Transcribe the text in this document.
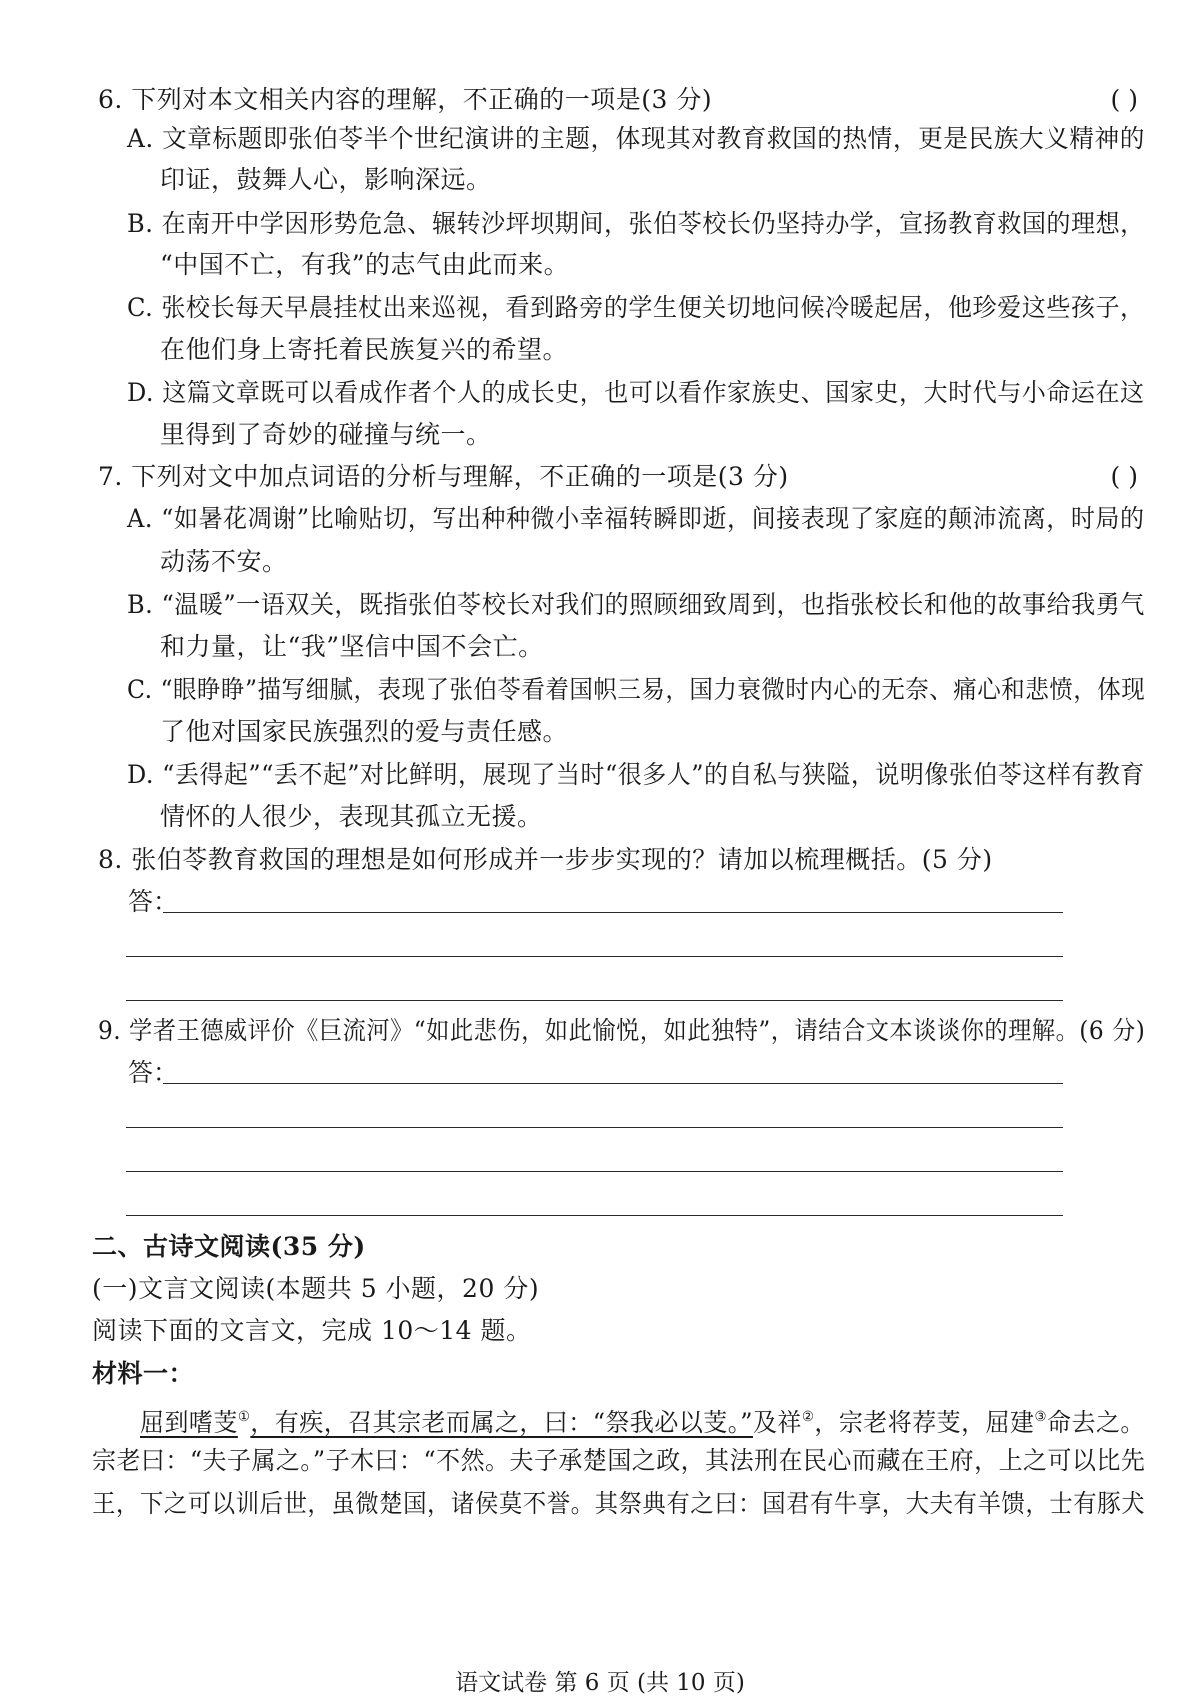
6. 下列对本文相关内容的理解，不正确的一项是(3 分)	( )
A. 文章标题即张伯苓半个世纪演讲的主题，体现其对教育救国的热情，更是民族大义精神的
印证，鼓舞人心，影响深远。
B. 在南开中学因形势危急、辗转沙坪坝期间，张伯苓校长仍坚持办学，宣扬教育救国的理想，
“中国不亡，有我”的志气由此而来。
C. 张校长每天早晨挂杖出来巡视，看到路旁的学生便关切地问候冷暖起居，他珍爱这些孩子，
在他们身上寄托着民族复兴的希望。
D. 这篇文章既可以看成作者个人的成长史，也可以看作家族史、国家史，大时代与小命运在这
里得到了奇妙的碰撞与统一。
7. 下列对文中加点词语的分析与理解，不正确的一项是(3 分)	( )
A. “如暑花凋谢”比喻贴切，写出种种微小幸福转瞬即逝，间接表现了家庭的颠沛流离，时局的
动荡不安。
B. “温暖”一语双关，既指张伯苓校长对我们的照顾细致周到，也指张校长和他的故事给我勇气
和力量，让“我”坚信中国不会亡。
C. “眼睁睁”描写细腻，表现了张伯苓看着国帜三易，国力衰微时内心的无奈、痛心和悲愤，体现
了他对国家民族强烈的爱与责任感。
D. “丢得起”“丢不起”对比鲜明，展现了当时“很多人”的自私与狭隘，说明像张伯苓这样有教育
情怀的人很少，表现其孤立无援。
8. 张伯苓教育救国的理想是如何形成并一步步实现的？请加以梳理概括。(5 分)
答：
9. 学者王德威评价《巨流河》“如此悲伤，如此愉悦，如此独特”，请结合文本谈谈你的理解。(6 分)
答：
二、古诗文阅读(35 分)
(一)文言文阅读(本题共 5 小题，20 分)
阅读下面的文言文，完成 10～14 题。
材料一：
屈到嗜芰①，有疾，召其宗老而属之，曰：“祭我必以芰。”及祥②，宗老将荐芰，屈建③命去之。
宗老曰：“夫子属之。”子木曰：“不然。夫子承楚国之政，其法刑在民心而藏在王府，上之可以比先
王，下之可以训后世，虽微楚国，诸侯莫不誉。其祭典有之曰：国君有牛享，大夫有羊馈，士有豚犬
语文试卷 第 6 页 (共 10 页)
